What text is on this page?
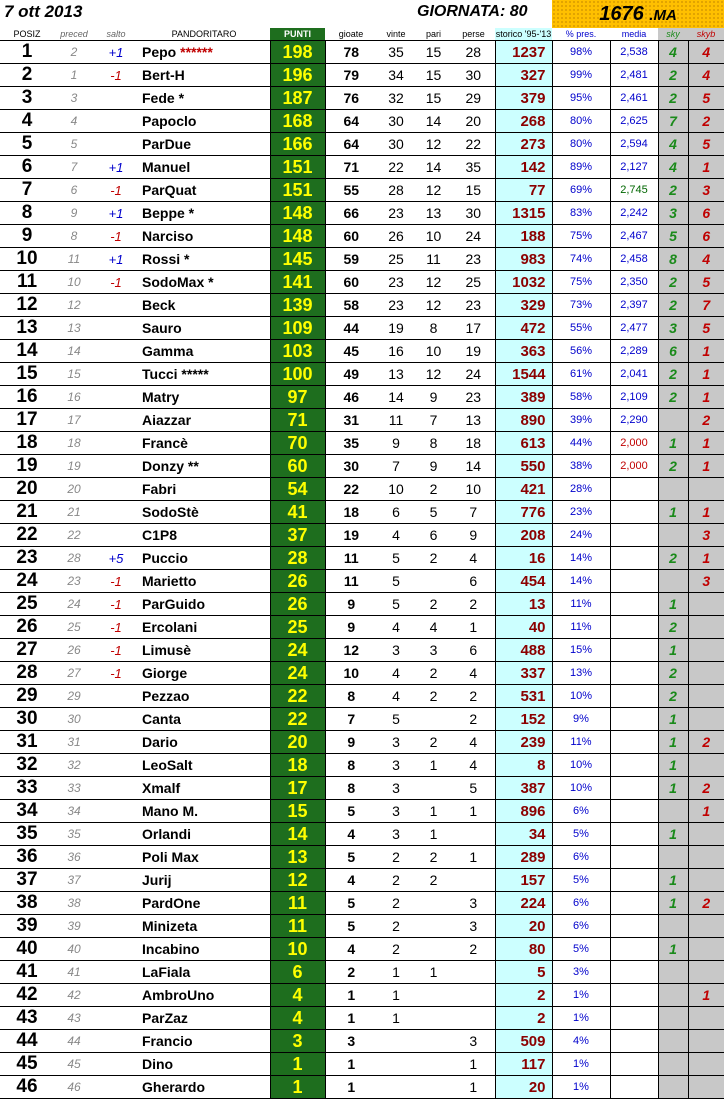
7 ott 2013	GIORNATA: 80	1676 .MA
POSIZ	preced	salto	PANDORITARO	PUNTI	gioate	vinte	pari	perse	storico '95-'13	% pres.	media	sky	skyb
1	2	+1	Pepo ******	198	78	35	15	28	1237	98%	2,538	4	4
2	1	-1	Bert-H	196	79	34	15	30	327	99%	2,481	2	4
3	3		Fede *	187	76	32	15	29	379	95%	2,461	2	5
4	4		Papoclo	168	64	30	14	20	268	80%	2,625	7	2
5	5		ParDue	166	64	30	12	22	273	80%	2,594	4	5
6	7	+1	Manuel	151	71	22	14	35	142	89%	2,127	4	1
7	6	-1	ParQuat	151	55	28	12	15	77	69%	2,745	2	3
8	9	+1	Beppe *	148	66	23	13	30	1315	83%	2,242	3	6
9	8	-1	Narciso	148	60	26	10	24	188	75%	2,467	5	6
10	11	+1	Rossi *	145	59	25	11	23	983	74%	2,458	8	4
11	10	-1	SodoMax *	141	60	23	12	25	1032	75%	2,350	2	5
12	12		Beck	139	58	23	12	23	329	73%	2,397	2	7
13	13		Sauro	109	44	19	8	17	472	55%	2,477	3	5
14	14		Gamma	103	45	16	10	19	363	56%	2,289	6	1
15	15		Tucci *****	100	49	13	12	24	1544	61%	2,041	2	1
16	16		Matry	97	46	14	9	23	389	58%	2,109	2	1
17	17		Aiazzar	71	31	11	7	13	890	39%	2,290		2
18	18		Francè	70	35	9	8	18	613	44%	2,000	1	1
19	19		Donzy **	60	30	7	9	14	550	38%	2,000	2	1
20	20		Fabri	54	22	10	2	10	421	28%			
21	21		SodoStè	41	18	6	5	7	776	23%		1	1
22	22		C1P8	37	19	4	6	9	208	24%			3
23	28	+5	Puccio	28	11	5	2	4	16	14%		2	1
24	23	-1	Marietto	26	11	5		6	454	14%			3
25	24	-1	ParGuido	26	9	5	2	2	13	11%		1	
26	25	-1	Ercolani	25	9	4	4	1	40	11%		2	
27	26	-1	Limusè	24	12	3	3	6	488	15%		1	
28	27	-1	Giorge	24	10	4	2	4	337	13%		2	
29	29		Pezzao	22	8	4	2	2	531	10%		2	
30	30		Canta	22	7	5		2	152	9%		1	
31	31		Dario	20	9	3	2	4	239	11%		1	2
32	32		LeoSalt	18	8	3	1	4	8	10%		1	
33	33		Xmalf	17	8	3		5	387	10%		1	2
34	34		Mano M.	15	5	3	1	1	896	6%			1
35	35		Orlandi	14	4	3	1		34	5%		1	
36	36		Poli Max	13	5	2	2	1	289	6%			
37	37		Jurij	12	4	2	2		157	5%		1	
38	38		PardOne	11	5	2		3	224	6%		1	2
39	39		Minizeta	11	5	2		3	20	6%			
40	40		Incabino	10	4	2		2	80	5%		1	
41	41		LaFiala	6	2	1	1		5	3%			
42	42		AmbroUno	4	1	1			2	1%			1
43	43		ParZaz	4	1	1			2	1%			
44	44		Francio	3	3			3	509	4%			
45	45		Dino	1	1			1	117	1%			
46	46		Gherardo	1	1			1	20	1%			
